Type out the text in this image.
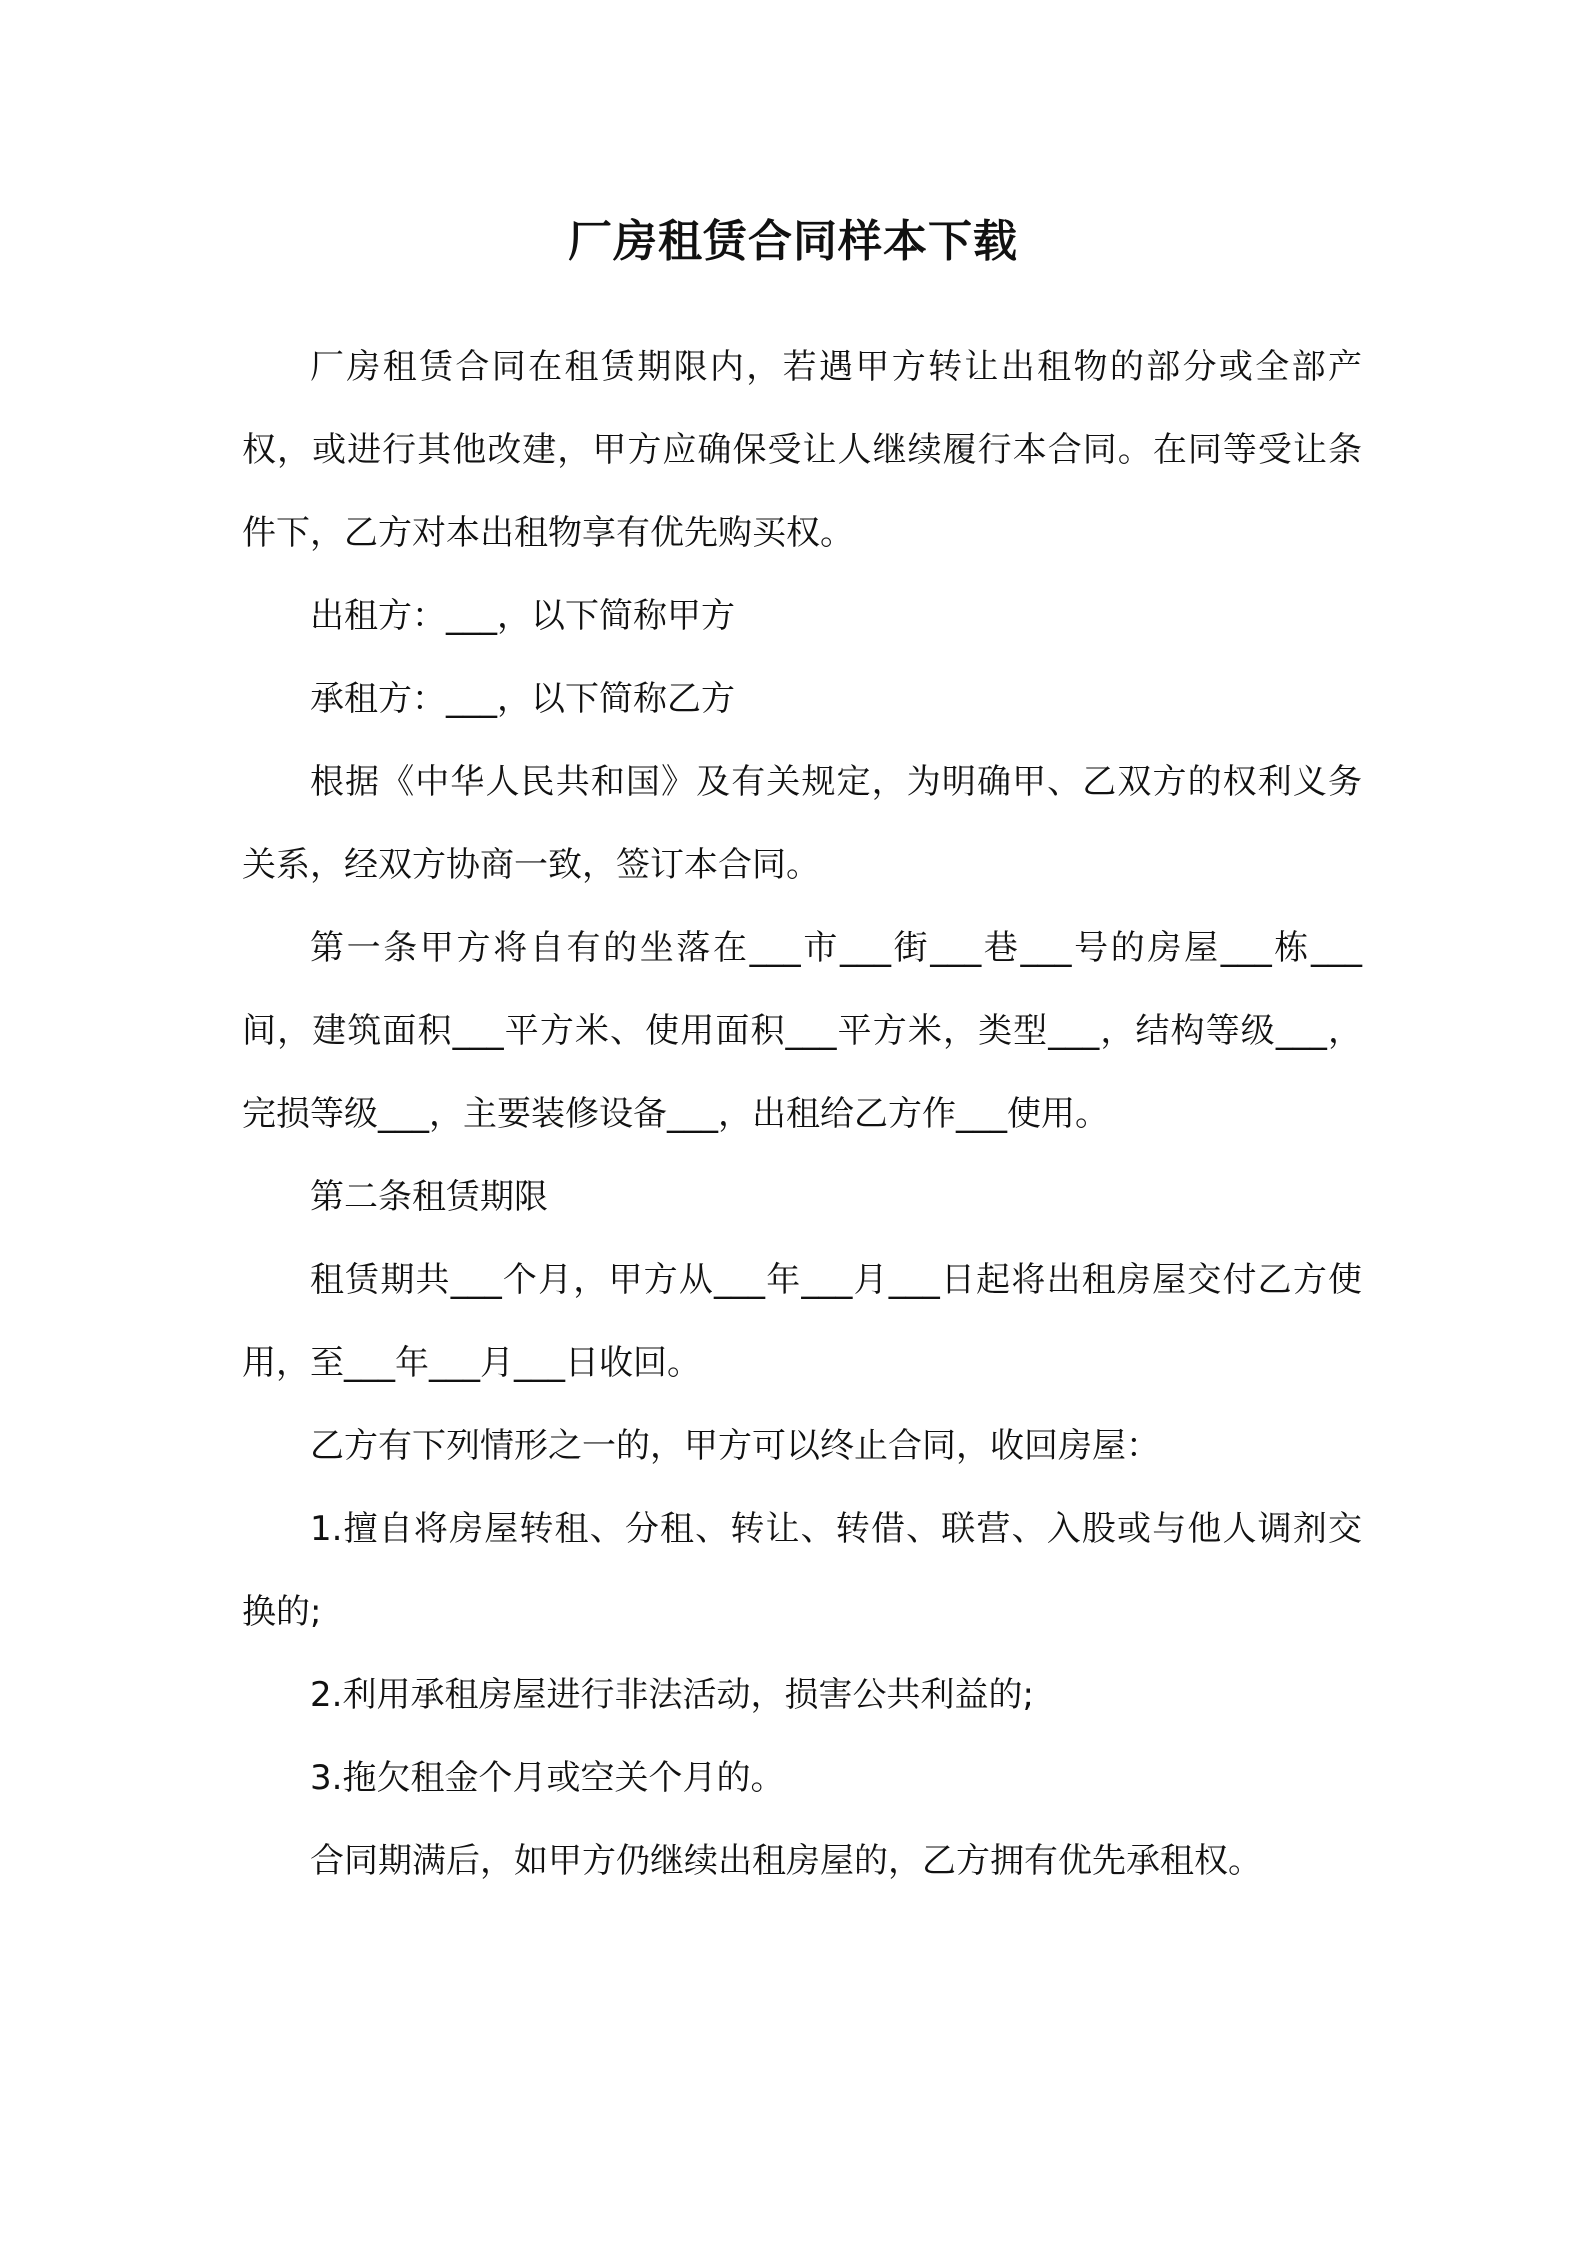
厂房租赁合同样本下载

厂房租赁合同在租赁期限内，若遇甲方转让出租物的部分或全部产权，或进行其他改建，甲方应确保受让人继续履行本合同。在同等受让条件下，乙方对本出租物享有优先购买权。

出租方：___，以下简称甲方

承租方：___，以下简称乙方

根据《中华人民共和国》及有关规定，为明确甲、乙双方的权利义务关系，经双方协商一致，签订本合同。

第一条甲方将自有的坐落在___市___街___巷___号的房屋___栋___间，建筑面积___平方米、使用面积___平方米，类型___，结构等级___，完损等级___，主要装修设备___，出租给乙方作___使用。

第二条租赁期限

租赁期共___个月，甲方从___年___月___日起将出租房屋交付乙方使用，至___年___月___日收回。

乙方有下列情形之一的，甲方可以终止合同，收回房屋：

1.擅自将房屋转租、分租、转让、转借、联营、入股或与他人调剂交换的;

2.利用承租房屋进行非法活动，损害公共利益的;

3.拖欠租金个月或空关个月的。

合同期满后，如甲方仍继续出租房屋的，乙方拥有优先承租权。
